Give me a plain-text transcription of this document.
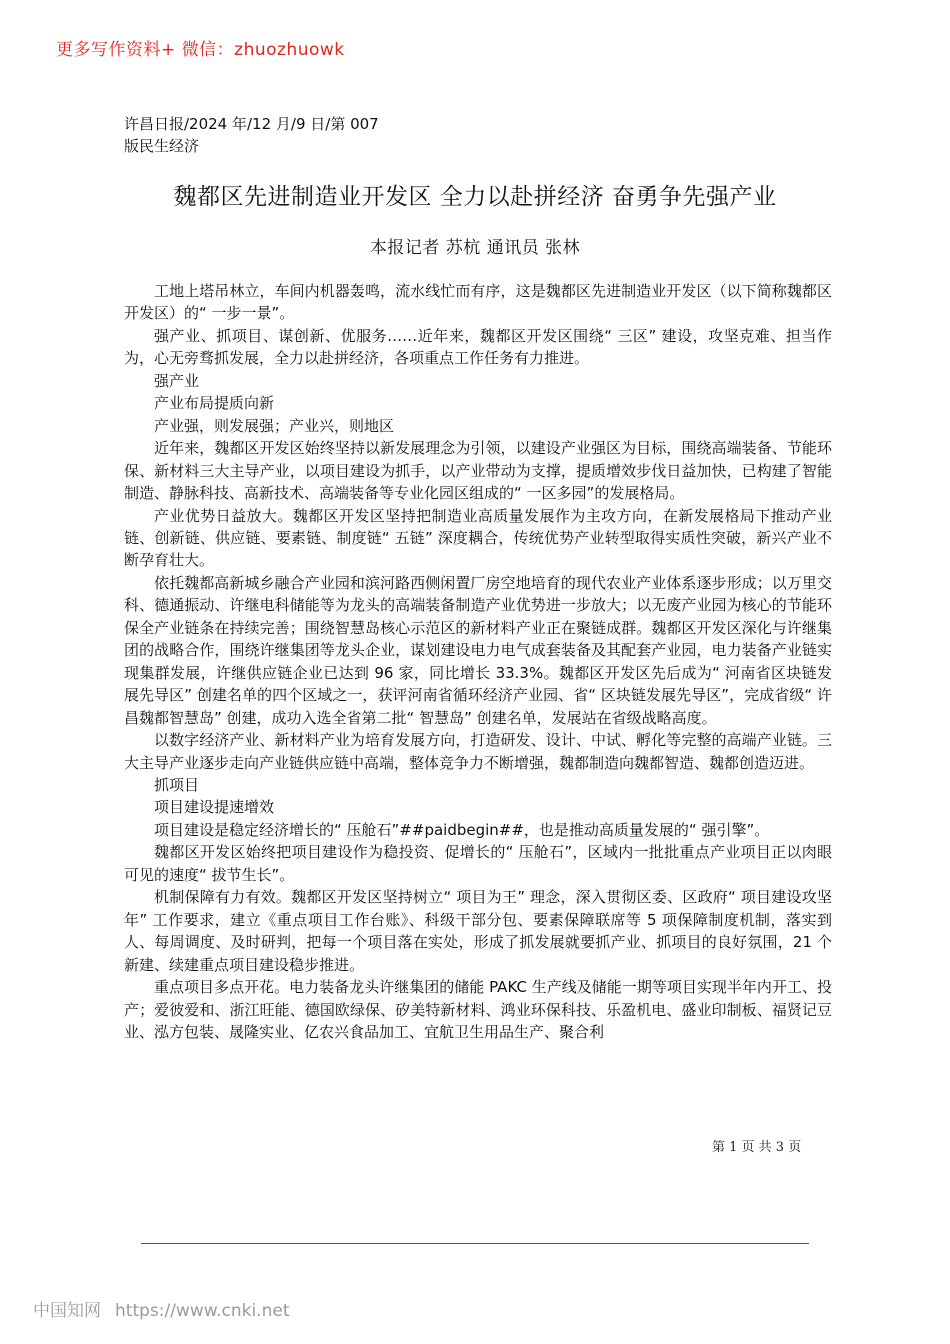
更多写作资料+ 微信：zhuozhuowk
许昌日报/2024 年/12 月/9 日/第 007
版民生经济
魏都区先进制造业开发区 全力以赴拼经济 奋勇争先强产业
本报记者 苏杭 通讯员 张林

工地上塔吊林立，车间内机器轰鸣，流水线忙而有序，这是魏都区先进制造业开发区（以下简称魏都区开发区）的“ 一步一景”。

强产业、抓项目、谋创新、优服务……近年来，魏都区开发区围绕“ 三区” 建设，攻坚克难、担当作为，心无旁骛抓发展，全力以赴拼经济，各项重点工作任务有力推进。

强产业

产业布局提质向新

产业强，则发展强；产业兴，则地区

近年来，魏都区开发区始终坚持以新发展理念为引领，以建设产业强区为目标，围绕高端装备、节能环保、新材料三大主导产业，以项目建设为抓手，以产业带动为支撑，提质增效步伐日益加快，已构建了智能制造、静脉科技、高新技术、高端装备等专业化园区组成的“ 一区多园”的发展格局。

产业优势日益放大。魏都区开发区坚持把制造业高质量发展作为主攻方向，在新发展格局下推动产业链、创新链、供应链、要素链、制度链“ 五链” 深度耦合，传统优势产业转型取得实质性突破，新兴产业不断孕育壮大。

依托魏都高新城乡融合产业园和滨河路西侧闲置厂房空地培育的现代农业产业体系逐步形成；以万里交科、德通振动、许继电科储能等为龙头的高端装备制造产业优势进一步放大；以无废产业园为核心的节能环保全产业链条在持续完善；围绕智慧岛核心示范区的新材料产业正在聚链成群。魏都区开发区深化与许继集团的战略合作，围绕许继集团等龙头企业，谋划建设电力电气成套装备及其配套产业园，电力装备产业链实现集群发展，许继供应链企业已达到 96 家，同比增长 33.3%。魏都区开发区先后成为“ 河南省区块链发展先导区” 创建名单的四个区域之一，获评河南省循环经济产业园、省“ 区块链发展先导区”，完成省级“ 许昌魏都智慧岛” 创建，成功入选全省第二批“ 智慧岛” 创建名单，发展站在省级战略高度。

以数字经济产业、新材料产业为培育发展方向，打造研发、设计、中试、孵化等完整的高端产业链。三大主导产业逐步走向产业链供应链中高端，整体竞争力不断增强，魏都制造向魏都智造、魏都创造迈进。

抓项目

项目建设提速增效

项目建设是稳定经济增长的“ 压舱石”##paidbegin##，也是推动高质量发展的“ 强引擎”。

魏都区开发区始终把项目建设作为稳投资、促增长的“ 压舱石”，区域内一批批重点产业项目正以肉眼可见的速度“ 拔节生长”。

机制保障有力有效。魏都区开发区坚持树立“ 项目为王” 理念，深入贯彻区委、区政府“ 项目建设攻坚年” 工作要求，建立《重点项目工作台账》、科级干部分包、要素保障联席等 5 项保障制度机制，落实到人、每周调度、及时研判，把每一个项目落在实处，形成了抓发展就要抓产业、抓项目的良好氛围，21 个新建、续建重点项目建设稳步推进。

重点项目多点开花。电力装备龙头许继集团的储能 PAKC 生产线及储能一期等项目实现半年内开工、投产；爱彼爱和、浙江旺能、德国欧绿保、矽美特新材料、鸿业环保科技、乐盈机电、盛业印制板、福贤记豆业、泓方包装、晟隆实业、亿农兴食品加工、宜航卫生用品生产、聚合利

第 1 页 共 3 页
中国知网 https://www.cnki.net
